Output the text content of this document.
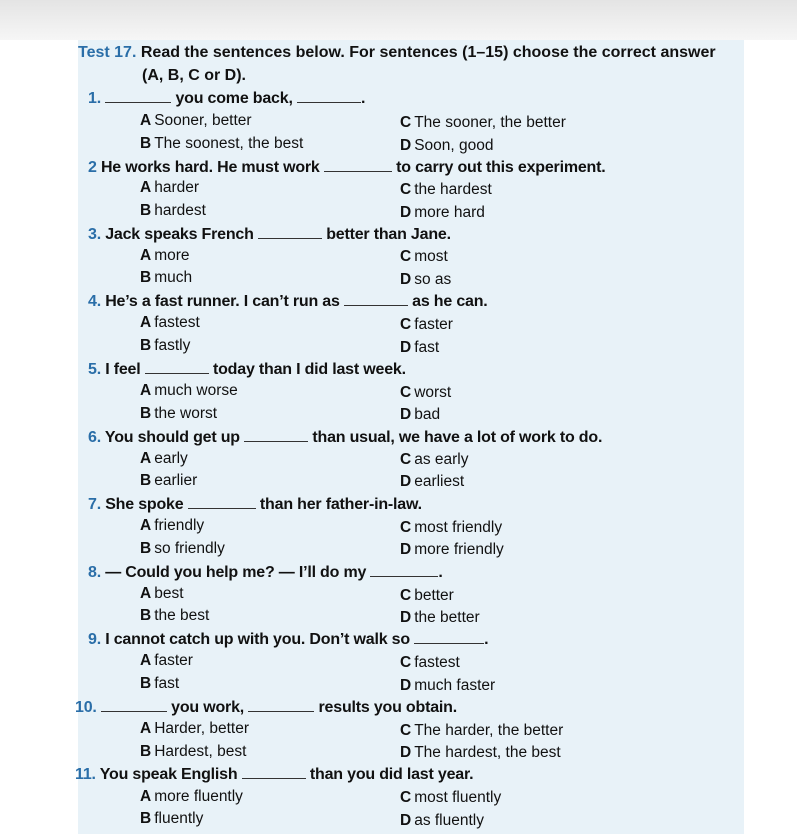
Test 17. Read the sentences below. For sentences (1–15) choose the correct answer
(A, B, C or D).
1.	you come back,	.
A Sooner, better	C The sooner, the better
B The soonest, the best	D Soon, good
2 He works hard. He must work	to carry out this experiment.
A harder	C the hardest
B hardest	D more hard
3. Jack speaks French	better than Jane.
A more	C most
B much	D so as
4. He’s a fast runner. I can’t run as	as he can.
A fastest	C faster
B fastly	D fast
5. I feel	today than I did last week.
A much worse	C worst
B the worst	D bad
6. You should get up	than usual, we have a lot of work to do.
A early	C as early
B earlier	D earliest
7. She spoke	than her father-in-law.
A friendly	C most friendly
B so friendly	D more friendly
8. — Could you help me? — I’ll do my	.
A best	C better
B the best	D the better
9. I cannot catch up with you. Don’t walk so	.
A faster	C fastest
B fast	D much faster
10.	you work,	results you obtain.
A Harder, better	C The harder, the better
B Hardest, best	D The hardest, the best
11. You speak English	than you did last year.
A more fluently	C most fluently
B fluently	D as fluently
